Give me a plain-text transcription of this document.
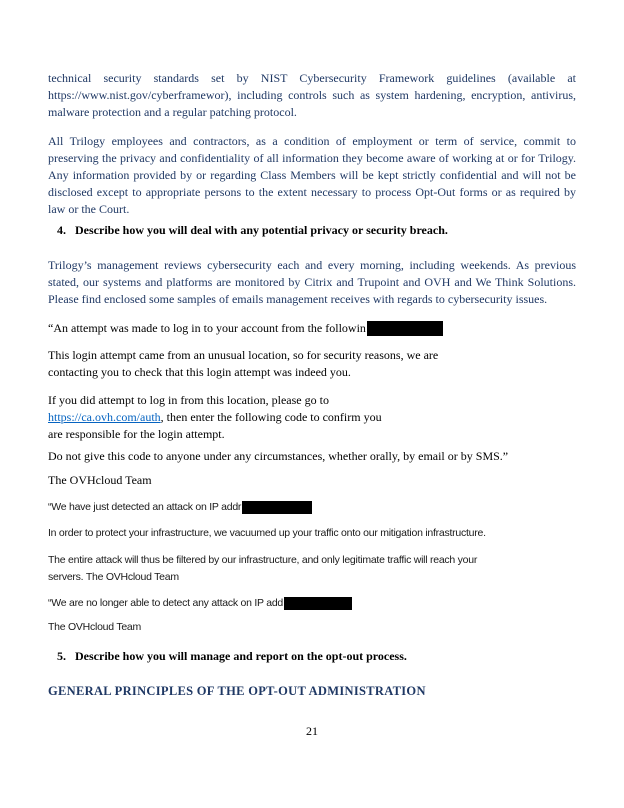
technical security standards set by NIST Cybersecurity Framework guidelines (available at https://www.nist.gov/cyberframewor), including controls such as system hardening, encryption, antivirus, malware protection and a regular patching protocol.

All Trilogy employees and contractors, as a condition of employment or term of service, commit to preserving the privacy and confidentiality of all information they become aware of working at or for Trilogy. Any information provided by or regarding Class Members will be kept strictly confidential and will not be disclosed except to appropriate persons to the extent necessary to process Opt-Out forms or as required by law or the Court.

4. Describe how you will deal with any potential privacy or security breach.

Trilogy’s management reviews cybersecurity each and every morning, including weekends. As previous stated, our systems and platforms are monitored by Citrix and Trupoint and OVH and We Think Solutions. Please find enclosed some samples of emails management receives with regards to cybersecurity issues.

“An attempt was made to log in to your account from the followin
This login attempt came from an unusual location, so for security reasons, we are
contacting you to check that this login attempt was indeed you.
If you did attempt to log in from this location, please go to
https://ca.ovh.com/auth, then enter the following code to confirm you
are responsible for the login attempt.
Do not give this code to anyone under any circumstances, whether orally, by email or by SMS.”
The OVHcloud Team
“We have just detected an attack on IP addr
In order to protect your infrastructure, we vacuumed up your traffic onto our mitigation infrastructure.
The entire attack will thus be filtered by our infrastructure, and only legitimate traffic will reach your
servers. The OVHcloud Team
“We are no longer able to detect any attack on IP add
The OVHcloud Team
5. Describe how you will manage and report on the opt-out process.
GENERAL PRINCIPLES OF THE OPT-OUT ADMINISTRATION
21
